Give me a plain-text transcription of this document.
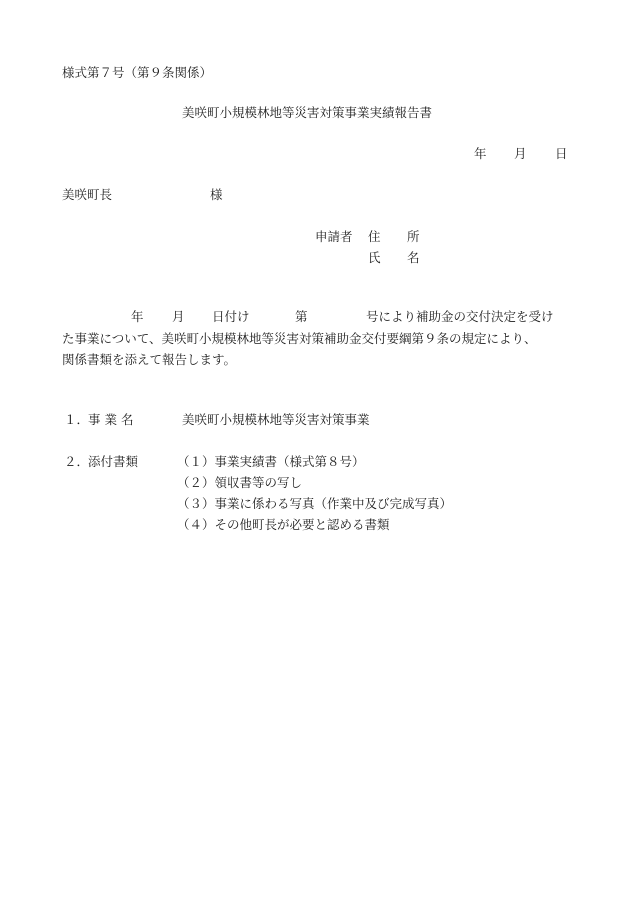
様式第７号（第９条関係）
美咲町小規模林地等災害対策事業実績報告書
年 月 日
美咲町長	様
申請者 住 所
氏 名
年 月 日付け	第	号により補助金の交付決定を受け
た事業について、美咲町小規模林地等災害対策補助金交付要綱第９条の規定により、
関係書類を添えて報告します。
１．
事 業 名	美咲町小規模林地等災害対策事業
２．
添付書類	（１）事業実績書（様式第８号）
（２）領収書等の写し
（３）事業に係わる写真（作業中及び完成写真）
（４）その他町長が必要と認める書類
